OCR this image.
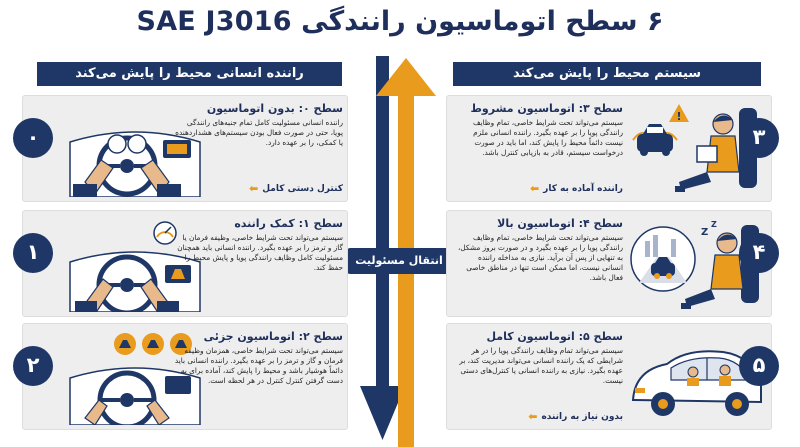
۶ سطح اتوماسیون رانندگی SAE J3016
راننده انسانی محیط را پایش می‌کند	سیستم محیط را پایش می‌کند
انتقال مسئولیت
سطح ۰: بدون اتوماسیون
راننده انسانی مسئولیت کامل تمام جنبه‌های رانندگی پویا، حتی در صورت فعال بودن سیستم‌های هشداردهنده یا کمکی، را بر عهده دارد.
کنترل دستی کامل
⬅
۰
سطح ۱: کمک راننده
سیستم می‌تواند تحت شرایط خاصی، وظیفه فرمان یا گاز و ترمز را بر عهده بگیرد. راننده انسانی باید همچنان مسئولیت کامل وظایف رانندگی پویا و پایش محیط را حفظ کند.
۱
سطح ۲: اتوماسیون جزئی
سیستم می‌تواند تحت شرایط خاصی، همزمان وظیفه فرمان و گاز و ترمز را بر عهده بگیرد. راننده انسانی باید دائماً هوشیار باشد و محیط را پایش کند، آماده برای به دست گرفتن کنترل کنترل در هر لحظه است.
۲
سطح ۳: اتوماسیون مشروط
سیستم می‌تواند تحت شرایط خاصی، تمام وظایف رانندگی پویا را بر عهده بگیرد. راننده انسانی ملزم نیست دائماً محیط را پایش کند، اما باید در صورت درخواست سیستم، قادر به بازیابی کنترل باشد.
راننده آماده به کار
⬅
!
۳
سطح ۴: اتوماسیون بالا
سیستم می‌تواند تحت شرایط خاصی، تمام وظایف رانندگی پویا را بر عهده بگیرد و در صورت بروز مشکل، به تنهایی از پس آن برآید. نیازی به مداخله راننده انسانی نیست، اما ممکن است تنها در مناطق خاصی فعال باشد.
Z
Z
۴
سطح ۵: اتوماسیون کامل
سیستم می‌تواند تمام وظایف رانندگی پویا را در هر شرایطی که یک راننده انسانی می‌تواند مدیریت کند، بر عهده بگیرد. نیازی به راننده انسانی یا کنترل‌های دستی نیست.
بدون نیاز به راننده
⬅
۵
